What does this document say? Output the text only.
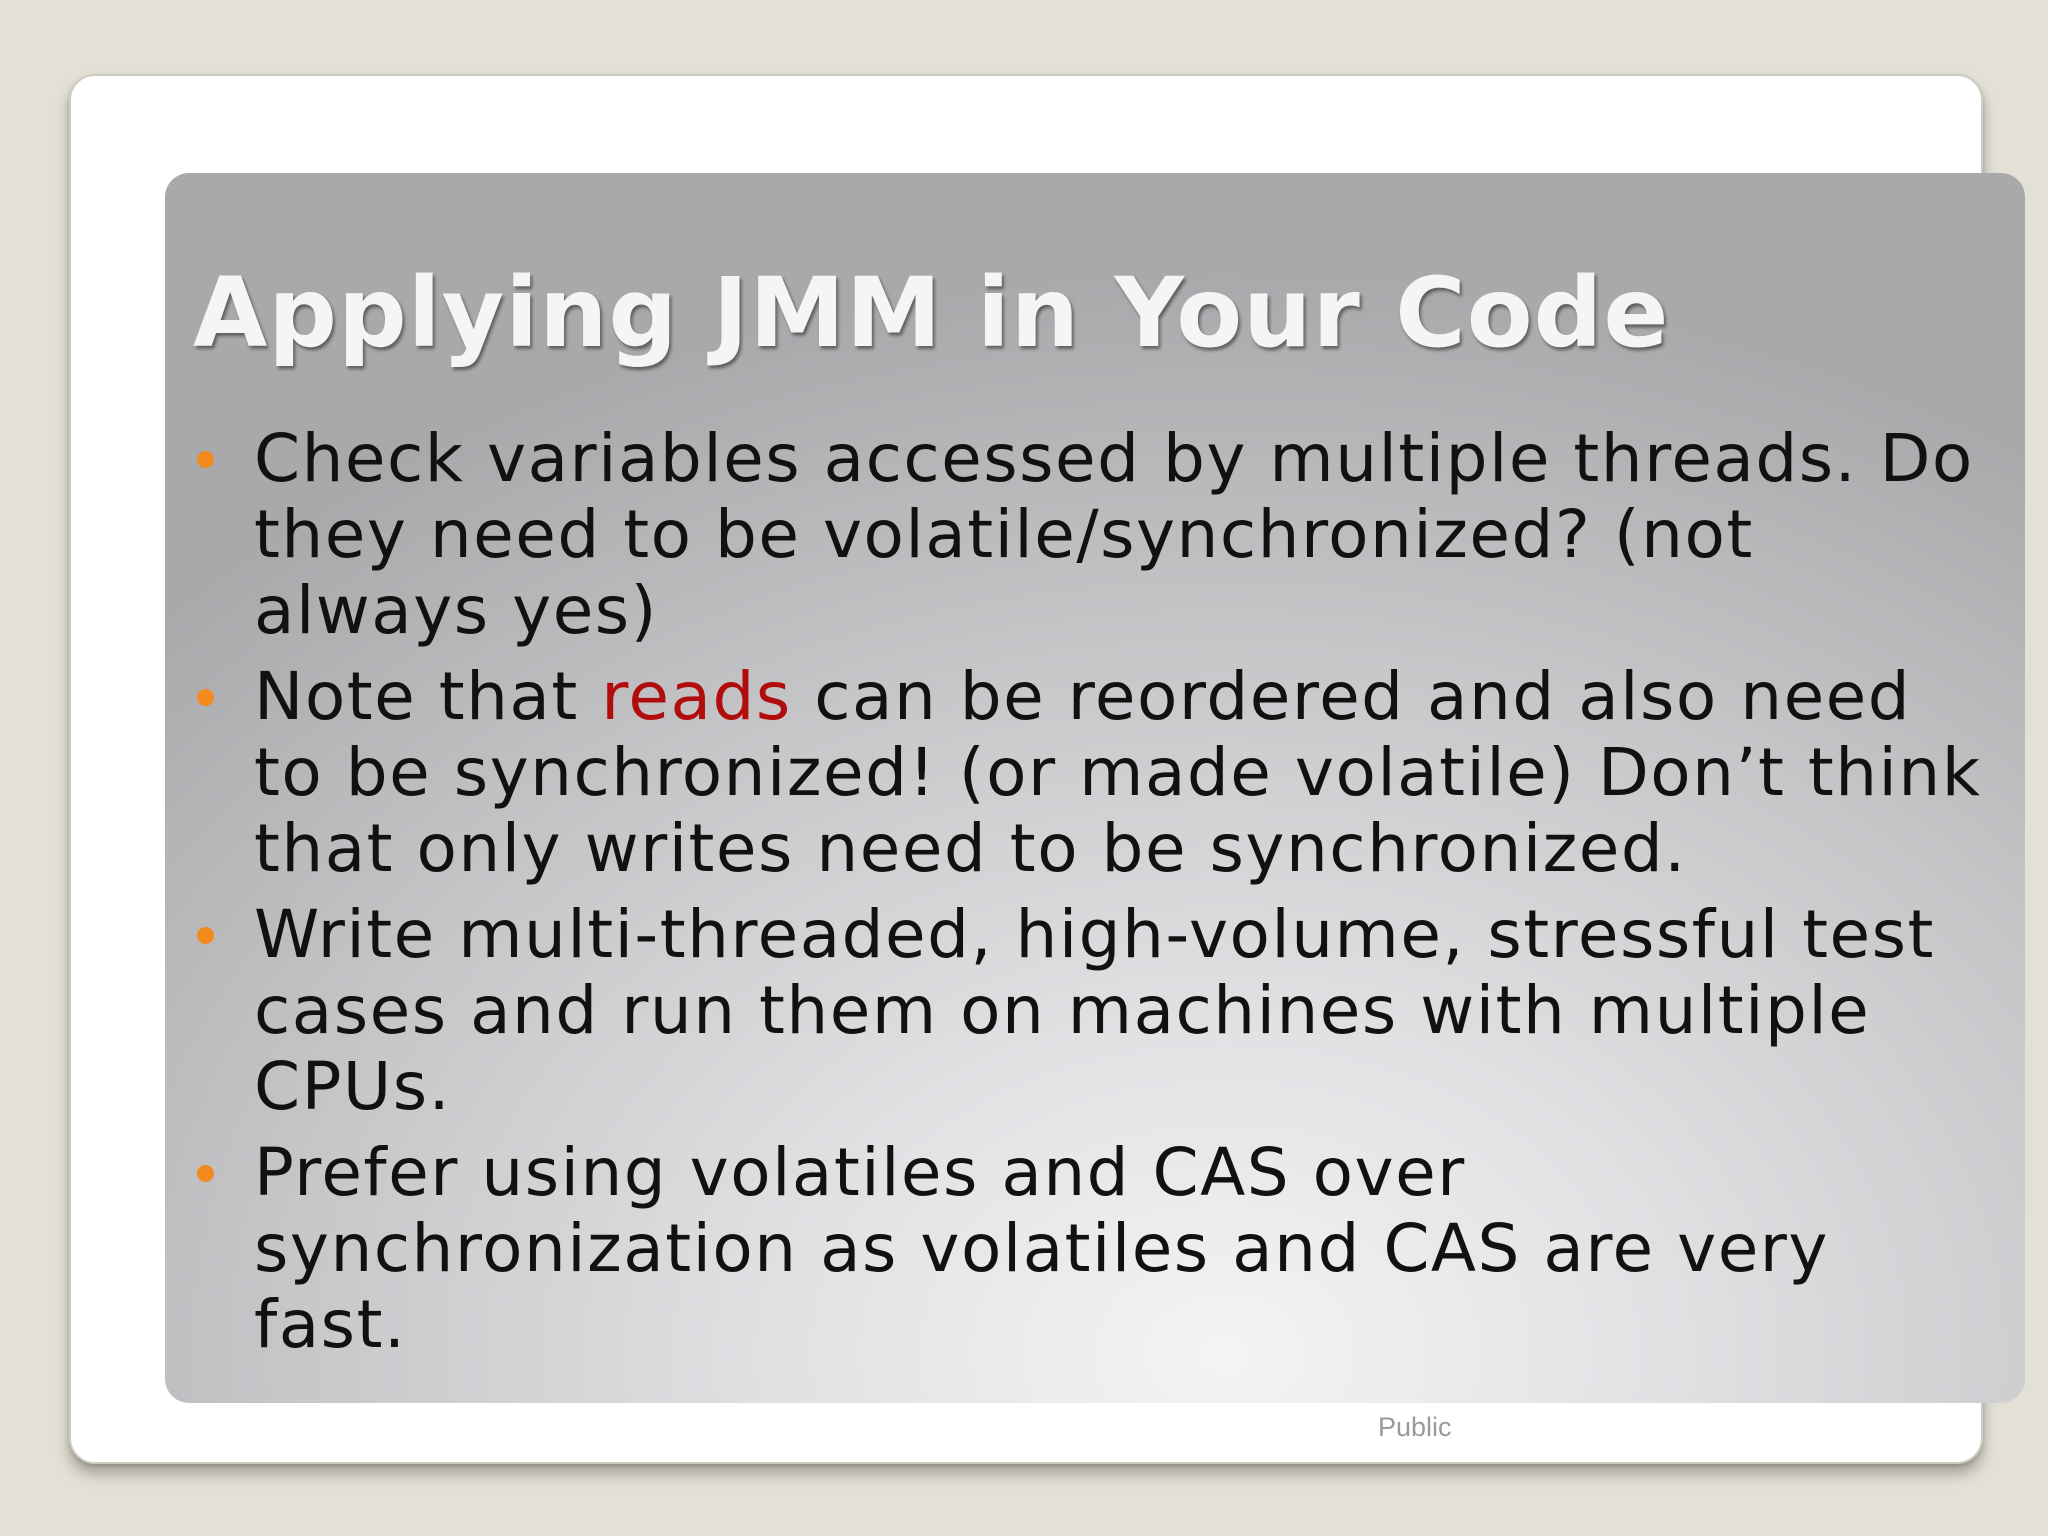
Applying JMM in Your Code
Check variables accessed by multiple threads. Do
they need to be volatile/synchronized? (not
always yes)
Note that reads can be reordered and also need
to be synchronized! (or made volatile) Don’t think
that only writes need to be synchronized.
Write multi-threaded, high-volume, stressful test
cases and run them on machines with multiple
CPUs.
Prefer using volatiles and CAS over
synchronization as volatiles and CAS are very
fast.
Public
